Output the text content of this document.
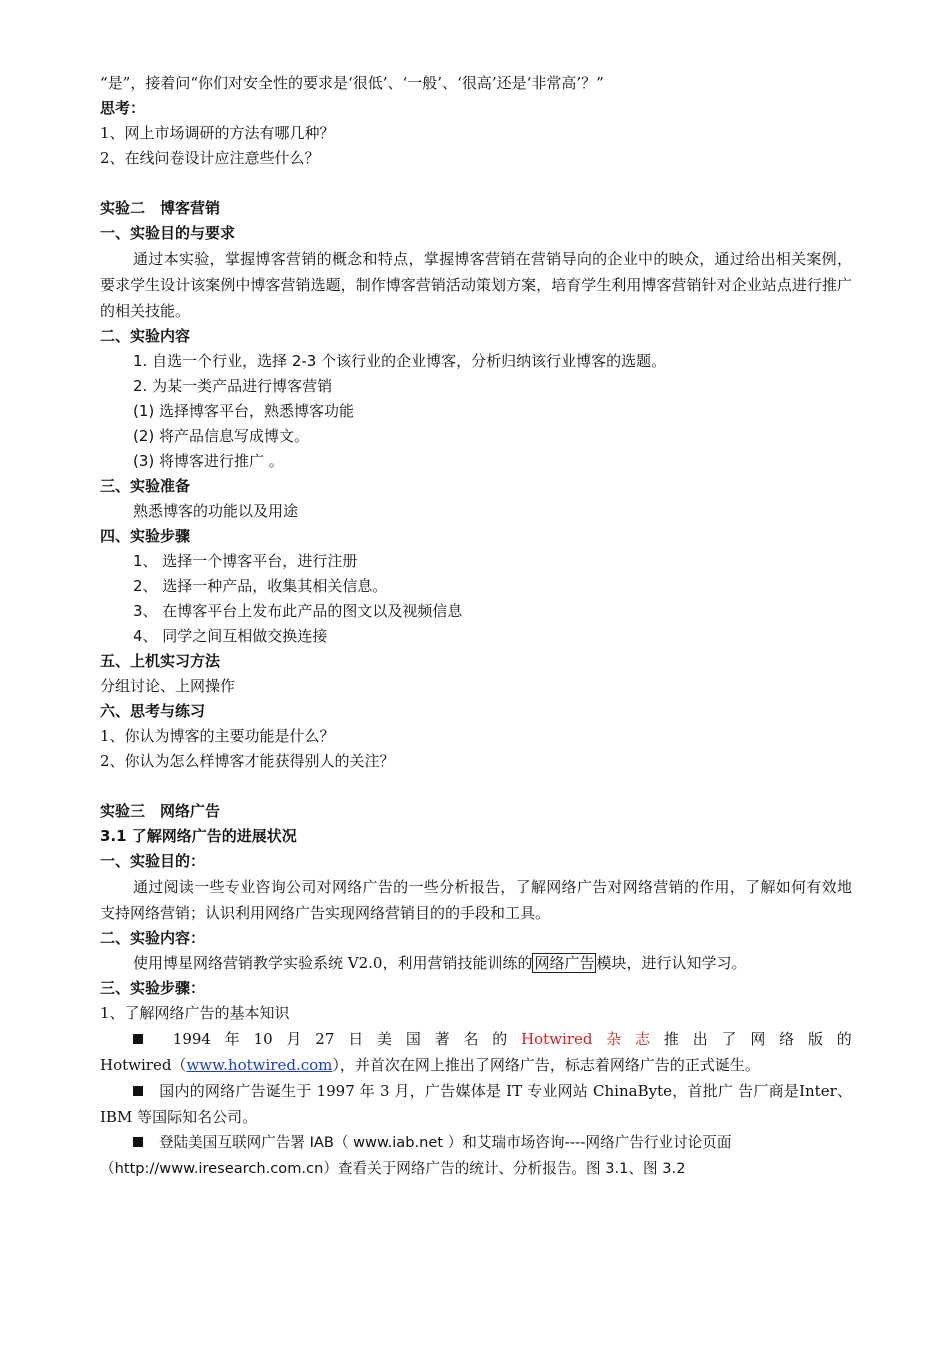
“是”，接着问“你们对安全性的要求是‘很低’、‘一般’、‘很高’还是‘非常高’？”
思考：
1、网上市场调研的方法有哪几种？
2、在线问卷设计应注意些什么？
实验二　博客营销
一、实验目的与要求

通过本实验，掌握博客营销的概念和特点，掌握博客营销在营销导向的企业中的映众，通过给出相关案例，要求学生设计该案例中博客营销选题，制作博客营销活动策划方案，培育学生利用博客营销针对企业站点进行推广的相关技能。

二、实验内容
1. 自选一个行业，选择 2-3 个该行业的企业博客，分析归纳该行业博客的选题。
2. 为某一类产品进行博客营销
(1) 选择博客平台，熟悉博客功能
(2) 将产品信息写成博文。
(3) 将博客进行推广 。
三、实验准备
熟悉博客的功能以及用途
四、实验步骤
1、 选择一个博客平台，进行注册
2、 选择一种产品，收集其相关信息。
3、 在博客平台上发布此产品的图文以及视频信息
4、 同学之间互相做交换连接
五、上机实习方法
分组讨论、上网操作
六、思考与练习
1、你认为博客的主要功能是什么？
2、你认为怎么样博客才能获得别人的关注？
实验三　网络广告
3.1 了解网络广告的进展状况
一、实验目的：

通过阅读一些专业咨询公司对网络广告的一些分析报告，了解网络广告对网络营销的作用，了解如何有效地支持网络营销；认识利用网络广告实现网络营销目的的手段和工具。

二、实验内容：
使用博星网络营销教学实验系统 V2.0，利用营销技能训练的 网络广告 模块，进行认知学习。
三、实验步骤：
1、了解网络广告的基本知识
1994 年 10 月 27 日 美 国 著 名 的 Hotwired 杂 志 推 出 了 网 络 版 的
Hotwired（www.hotwired.com），并首次在网上推出了网络广告，标志着网络广告的正式诞生。

国内的网络广告诞生于 1997 年 3 月，广告媒体是 IT 专业网站 ChinaByte，首批广 告厂商是Inter、IBM 等国际知名公司。

登陆美国互联网广告署 IAB（ www.iab.net ）和艾瑞市场咨询----网络广告行业讨论页面
（http://www.iresearch.com.cn）查看关于网络广告的统计、分析报告。图 3.1、图 3.2
